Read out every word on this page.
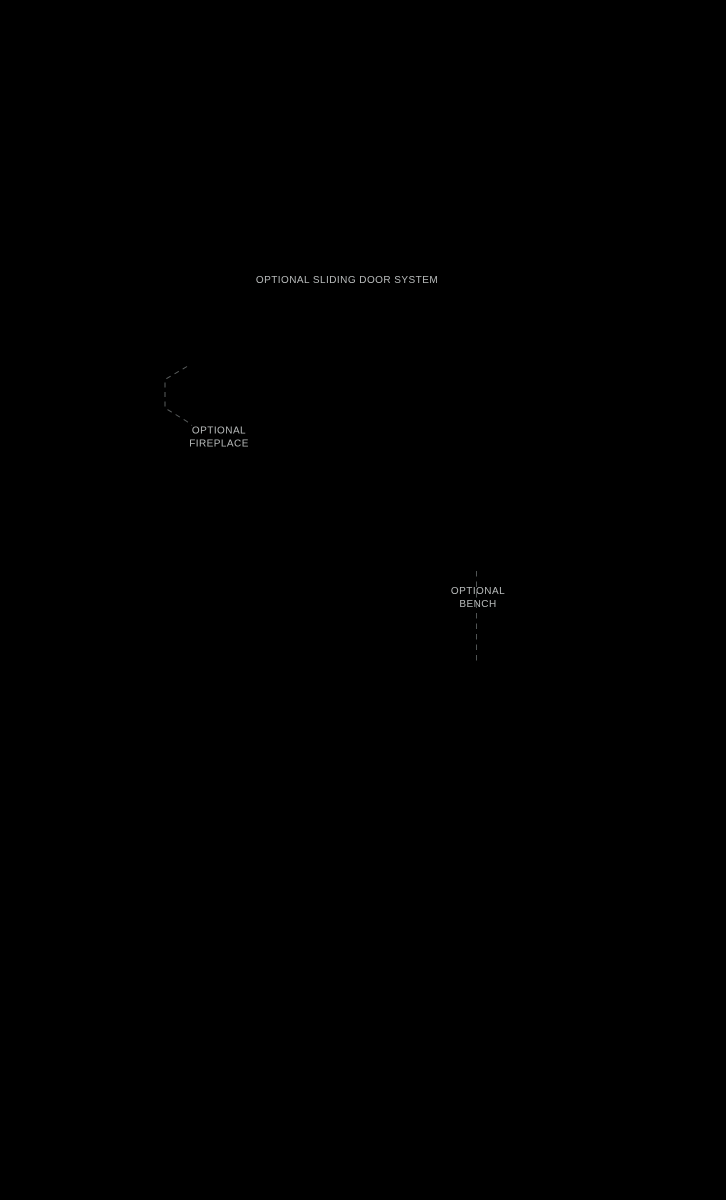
OPTIONAL SLIDING DOOR SYSTEM
OPTIONAL
FIREPLACE
OPTIONAL
BENCH
